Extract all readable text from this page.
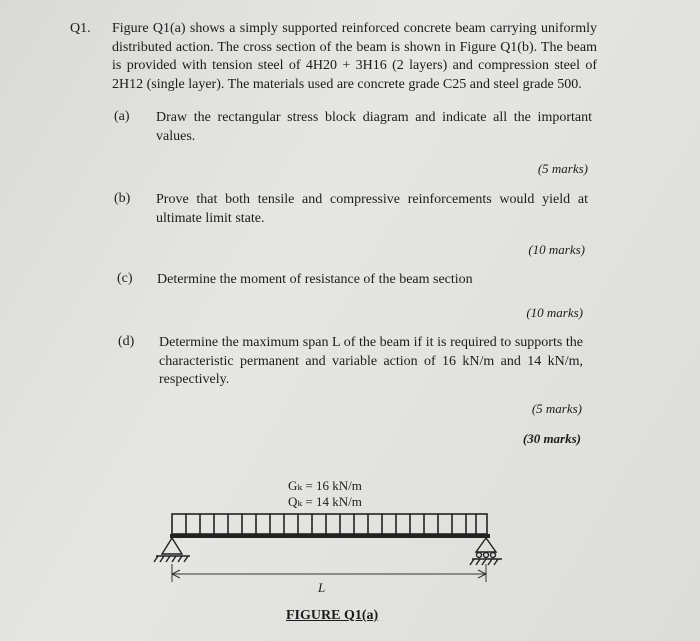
Q1. Figure Q1(a) shows a simply supported reinforced concrete beam carrying uniformly distributed action. The cross section of the beam is shown in Figure Q1(b). The beam is provided with tension steel of 4H20 + 3H16 (2 layers) and compression steel of 2H12 (single layer). The materials used are concrete grade C25 and steel grade 500.

(a) Draw the rectangular stress block diagram and indicate all the important values.

(5 marks)
(b) Prove that both tensile and compressive reinforcements would yield at ultimate limit state.

(10 marks)
(c) Determine the moment of resistance of the beam section

(10 marks)
(d) Determine the maximum span L of the beam if it is required to supports the characteristic permanent and variable action of 16 kN/m and 14 kN/m, respectively.

(5 marks)
(30 marks)
Gₖ = 16 kN/m
Qₖ = 14 kN/m
L
FIGURE Q1(a)
